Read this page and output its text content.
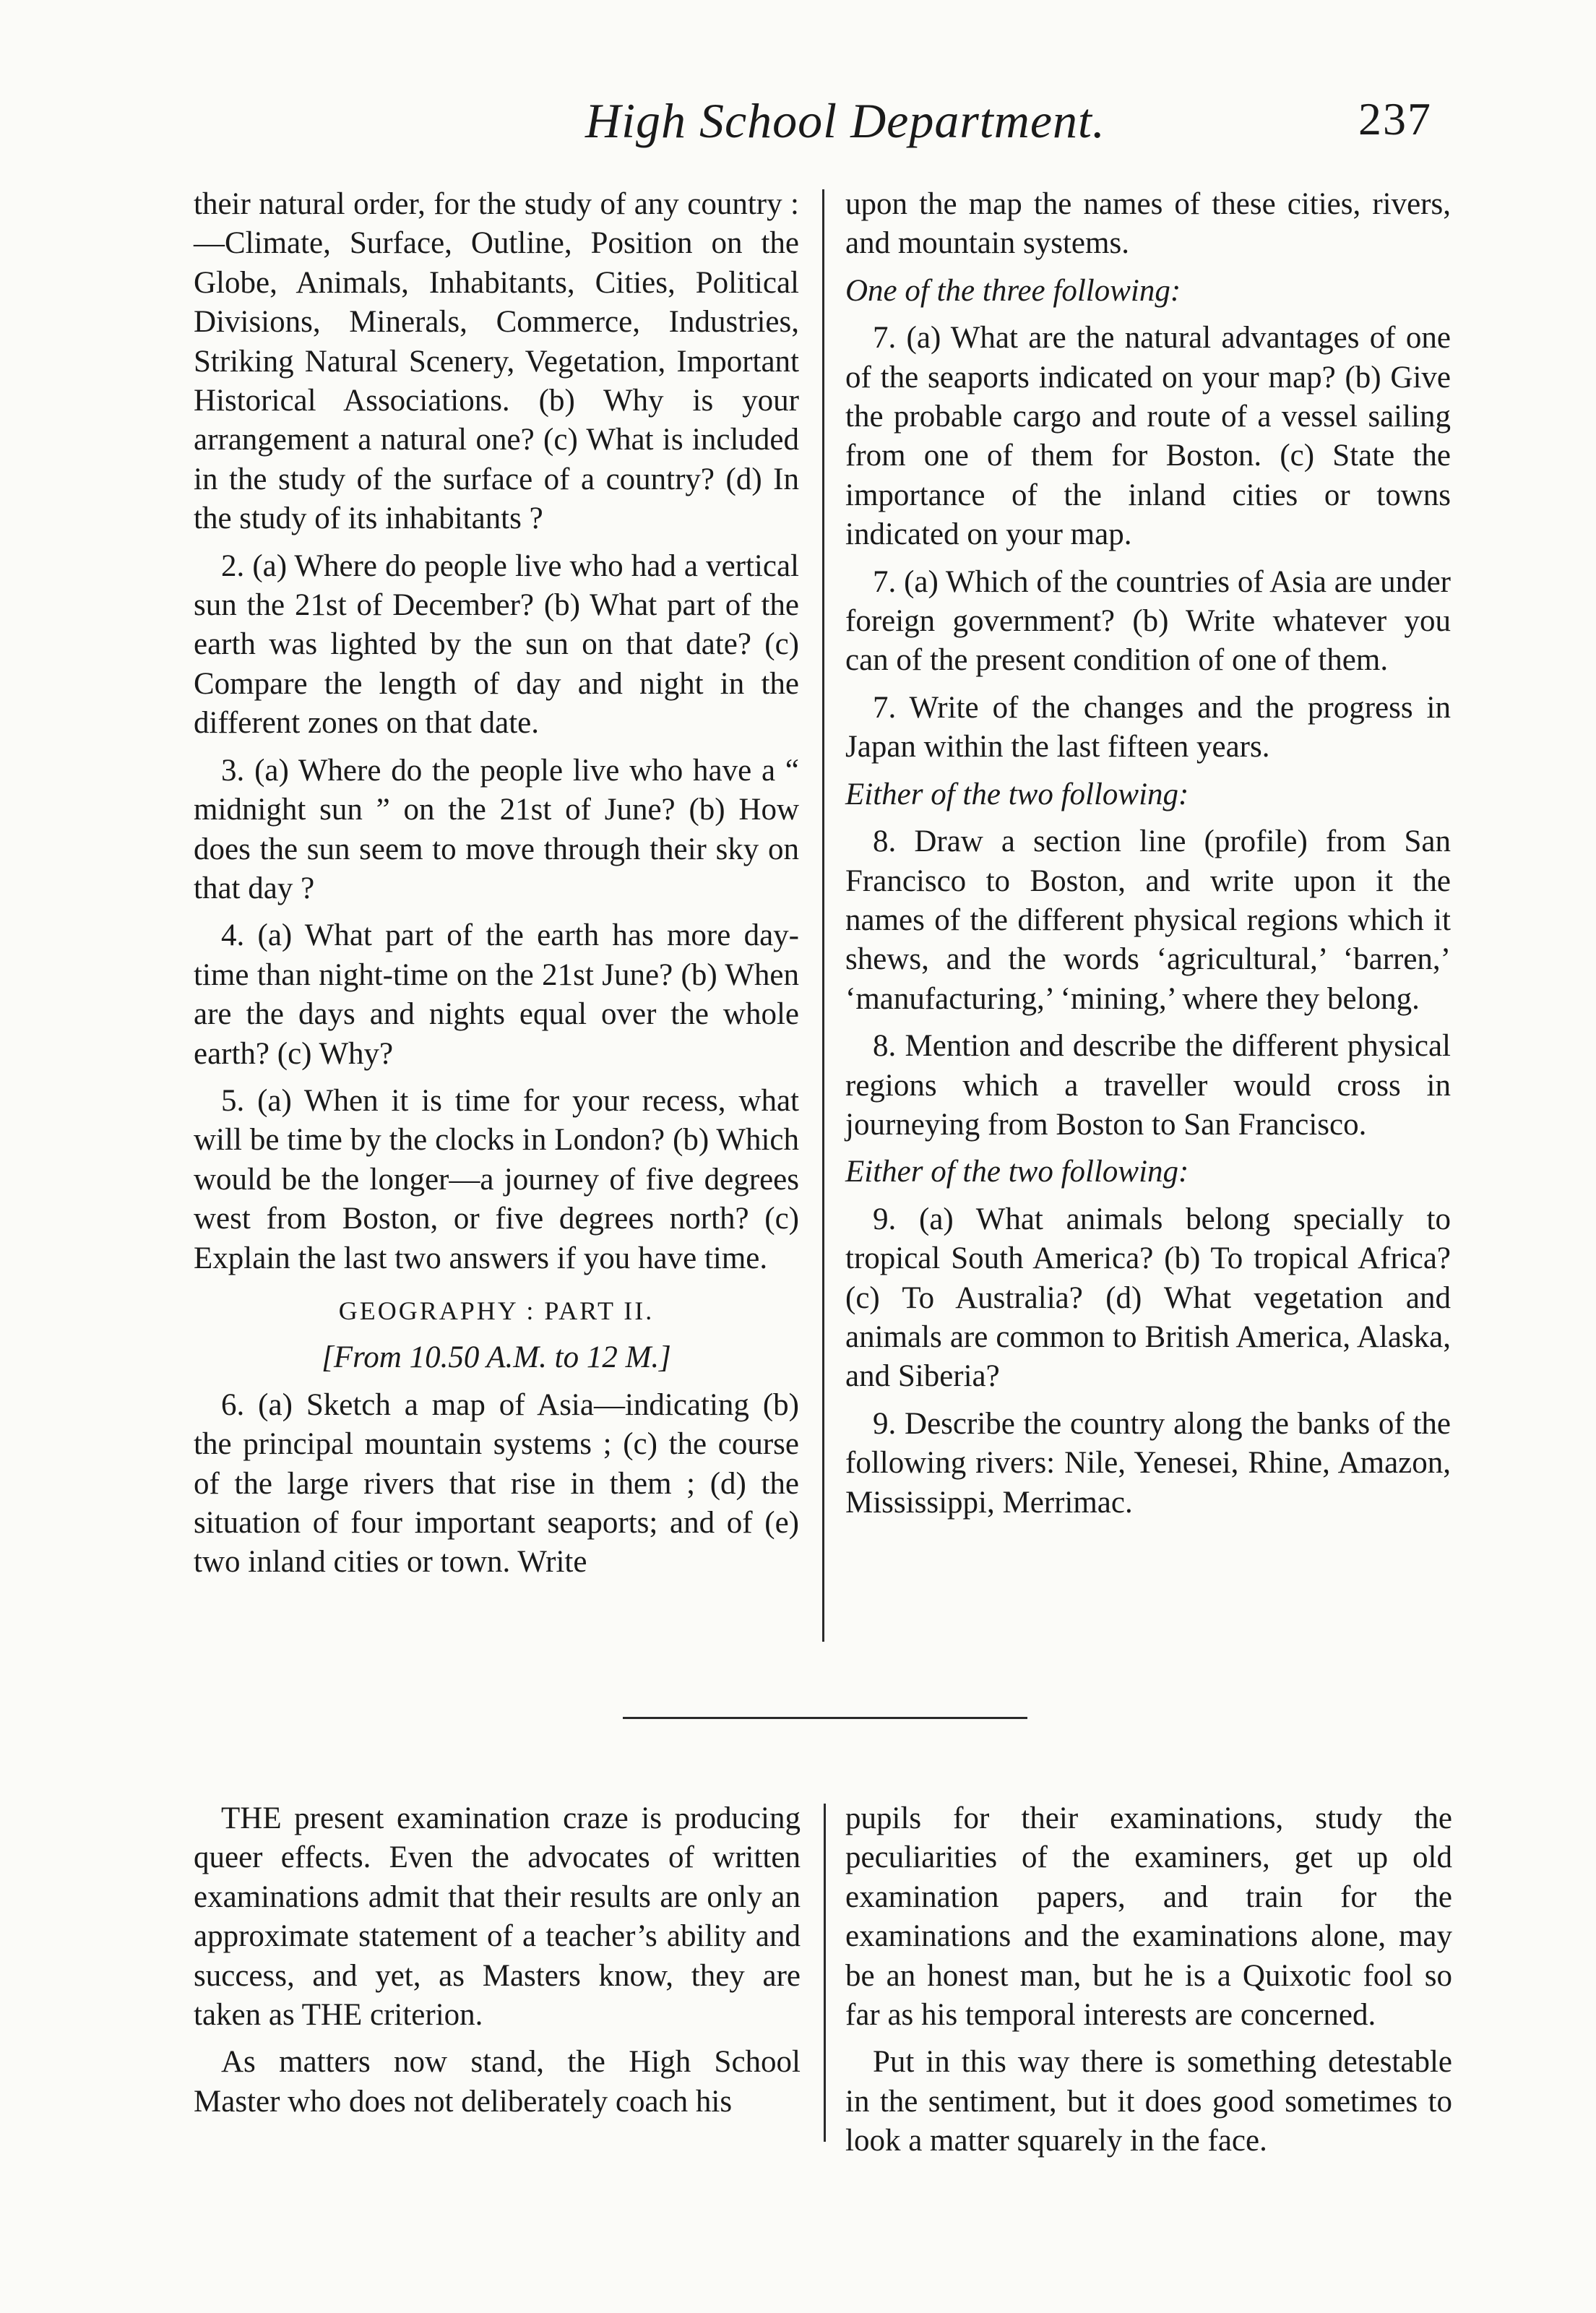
High School Department.	237

their natural order, for the study of any country :—Climate, Surface, Outline, Position on the Globe, Animals, Inhabitants, Cities, Political Divisions, Minerals, Commerce, Industries, Striking Natural Scenery, Vegetation, Important Historical Associations. (b) Why is your arrangement a natural one? (c) What is included in the study of the surface of a country? (d) In the study of its inhabitants ?

2. (a) Where do people live who had a vertical sun the 21st of December? (b) What part of the earth was lighted by the sun on that date? (c) Compare the length of day and night in the different zones on that date.

3. (a) Where do the people live who have a “ midnight sun ” on the 21st of June? (b) How does the sun seem to move through their sky on that day ?

4. (a) What part of the earth has more day-time than night-time on the 21st June? (b) When are the days and nights equal over the whole earth? (c) Why?

5. (a) When it is time for your recess, what will be time by the clocks in London? (b) Which would be the longer—a journey of five degrees west from Boston, or five degrees north? (c) Explain the last two answers if you have time.

GEOGRAPHY : PART II.

[From 10.50 A.M. to 12 M.]

6. (a) Sketch a map of Asia—indicating (b) the principal mountain systems ; (c) the course of the large rivers that rise in them ; (d) the situation of four important seaports; and of (e) two inland cities or town. Write

upon the map the names of these cities, rivers, and mountain systems.

One of the three following:

7. (a) What are the natural advantages of one of the seaports indicated on your map? (b) Give the probable cargo and route of a vessel sailing from one of them for Boston. (c) State the importance of the inland cities or towns indicated on your map.

7. (a) Which of the countries of Asia are under foreign government? (b) Write whatever you can of the present condition of one of them.

7. Write of the changes and the progress in Japan within the last fifteen years.

Either of the two following:

8. Draw a section line (profile) from San Francisco to Boston, and write upon it the names of the different physical regions which it shews, and the words ‘agricultural,’ ‘barren,’ ‘manufacturing,’ ‘mining,’ where they belong.

8. Mention and describe the different physical regions which a traveller would cross in journeying from Boston to San Francisco.

Either of the two following:

9. (a) What animals belong specially to tropical South America? (b) To tropical Africa? (c) To Australia? (d) What vegetation and animals are common to British America, Alaska, and Siberia?

9. Describe the country along the banks of the following rivers: Nile, Yenesei, Rhine, Amazon, Mississippi, Merrimac.

THE present examination craze is producing queer effects. Even the advocates of written examinations admit that their results are only an approximate statement of a teacher’s ability and success, and yet, as Masters know, they are taken as THE criterion.

As matters now stand, the High School Master who does not deliberately coach his

pupils for their examinations, study the peculiarities of the examiners, get up old examination papers, and train for the examinations and the examinations alone, may be an honest man, but he is a Quixotic fool so far as his temporal interests are concerned.

Put in this way there is something detestable in the sentiment, but it does good sometimes to look a matter squarely in the face.
